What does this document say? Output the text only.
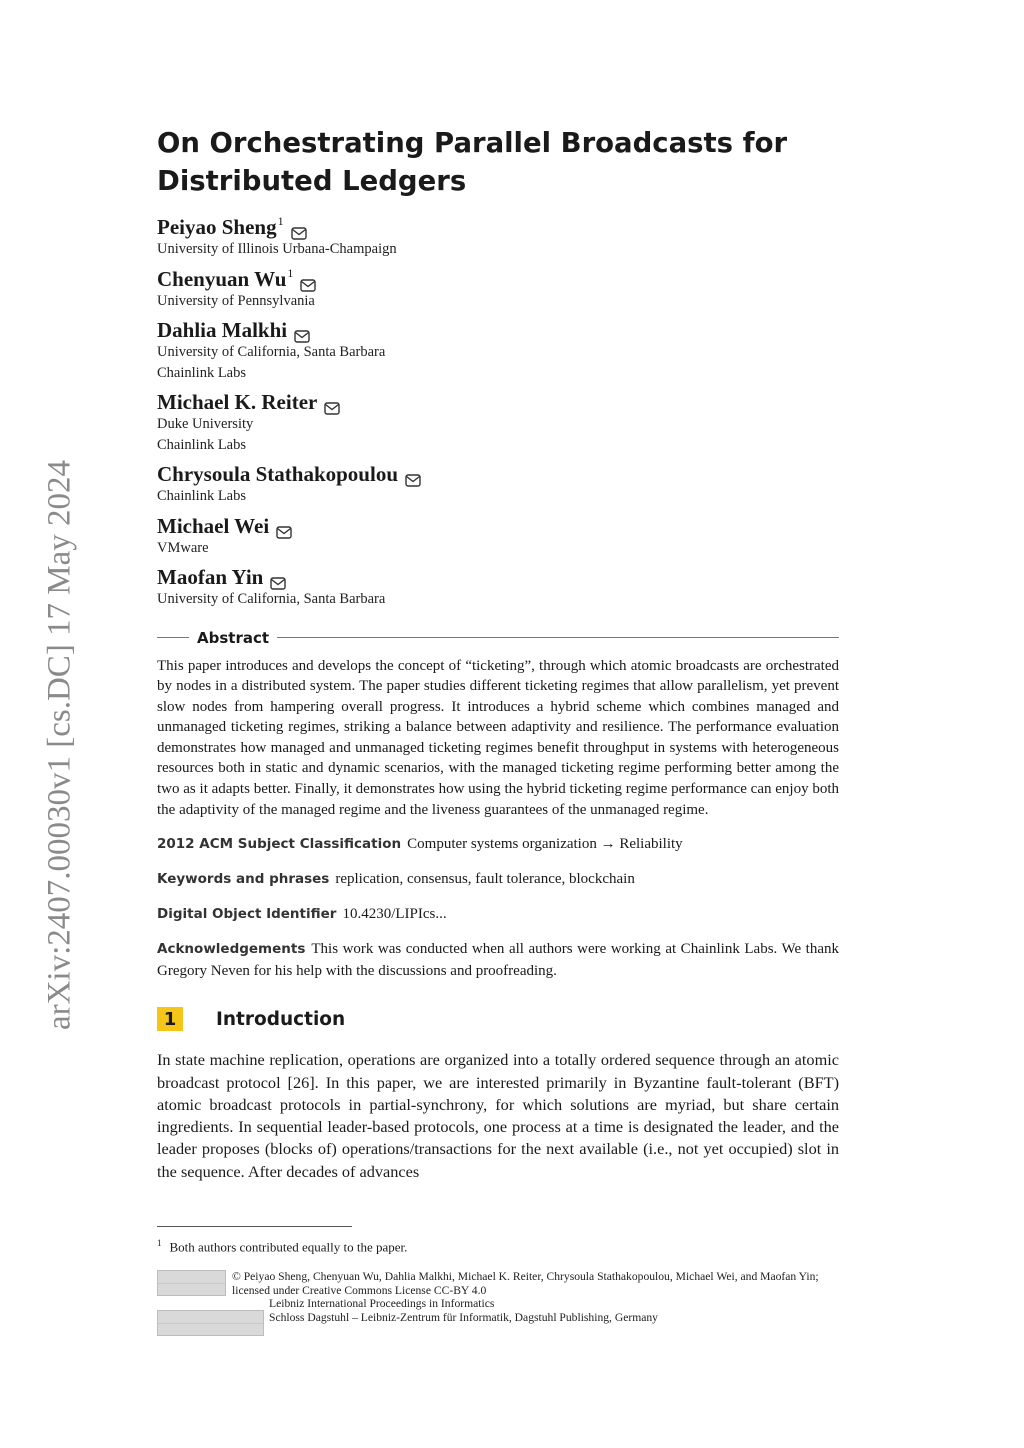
arXiv:2407.00030v1 [cs.DC] 17 May 2024
On Orchestrating Parallel Broadcasts for Distributed Ledgers
Peiyao Sheng$^1$
University of Illinois Urbana-Champaign
Chenyuan Wu$^1$
University of Pennsylvania
Dahlia Malkhi
University of California, Santa Barbara
Chainlink Labs
Michael K. Reiter
Duke University
Chainlink Labs
Chrysoula Stathakopoulou
Chainlink Labs
Michael Wei
VMware
Maofan Yin
University of California, Santa Barbara
Abstract

This paper introduces and develops the concept of “ticketing”, through which atomic broadcasts are orchestrated by nodes in a distributed system. The paper studies different ticketing regimes that allow parallelism, yet prevent slow nodes from hampering overall progress. It introduces a hybrid scheme which combines managed and unmanaged ticketing regimes, striking a balance between adaptivity and resilience. The performance evaluation demonstrates how managed and unmanaged ticketing regimes benefit throughput in systems with heterogeneous resources both in static and dynamic scenarios, with the managed ticketing regime performing better among the two as it adapts better. Finally, it demonstrates how using the hybrid ticketing regime performance can enjoy both the adaptivity of the managed regime and the liveness guarantees of the unmanaged regime.

2012 ACM Subject Classification Computer systems organization → Reliability
Keywords and phrases replication, consensus, fault tolerance, blockchain
Digital Object Identifier 10.4230/LIPIcs...
Acknowledgements This work was conducted when all authors were working at Chainlink Labs. We thank Gregory Neven for his help with the discussions and proofreading.
1	Introduction
In state machine replication, operations are organized into a totally ordered sequence through an atomic broadcast protocol [26]. In this paper, we are interested primarily in Byzantine fault-tolerant (BFT) atomic broadcast protocols in partial-synchrony, for which solutions are myriad, but share certain ingredients. In sequential leader-based protocols, one process at a time is designated the leader, and the leader proposes (blocks of) operations/transactions for the next available (i.e., not yet occupied) slot in the sequence. After decades of advances
$^1$ Both authors contributed equally to the paper.
© Peiyao Sheng, Chenyuan Wu, Dahlia Malkhi, Michael K. Reiter, Chrysoula Stathakopoulou, Michael Wei, and Maofan Yin;
licensed under Creative Commons License CC-BY 4.0
Leibniz International Proceedings in Informatics
Schloss Dagstuhl – Leibniz-Zentrum für Informatik, Dagstuhl Publishing, Germany
